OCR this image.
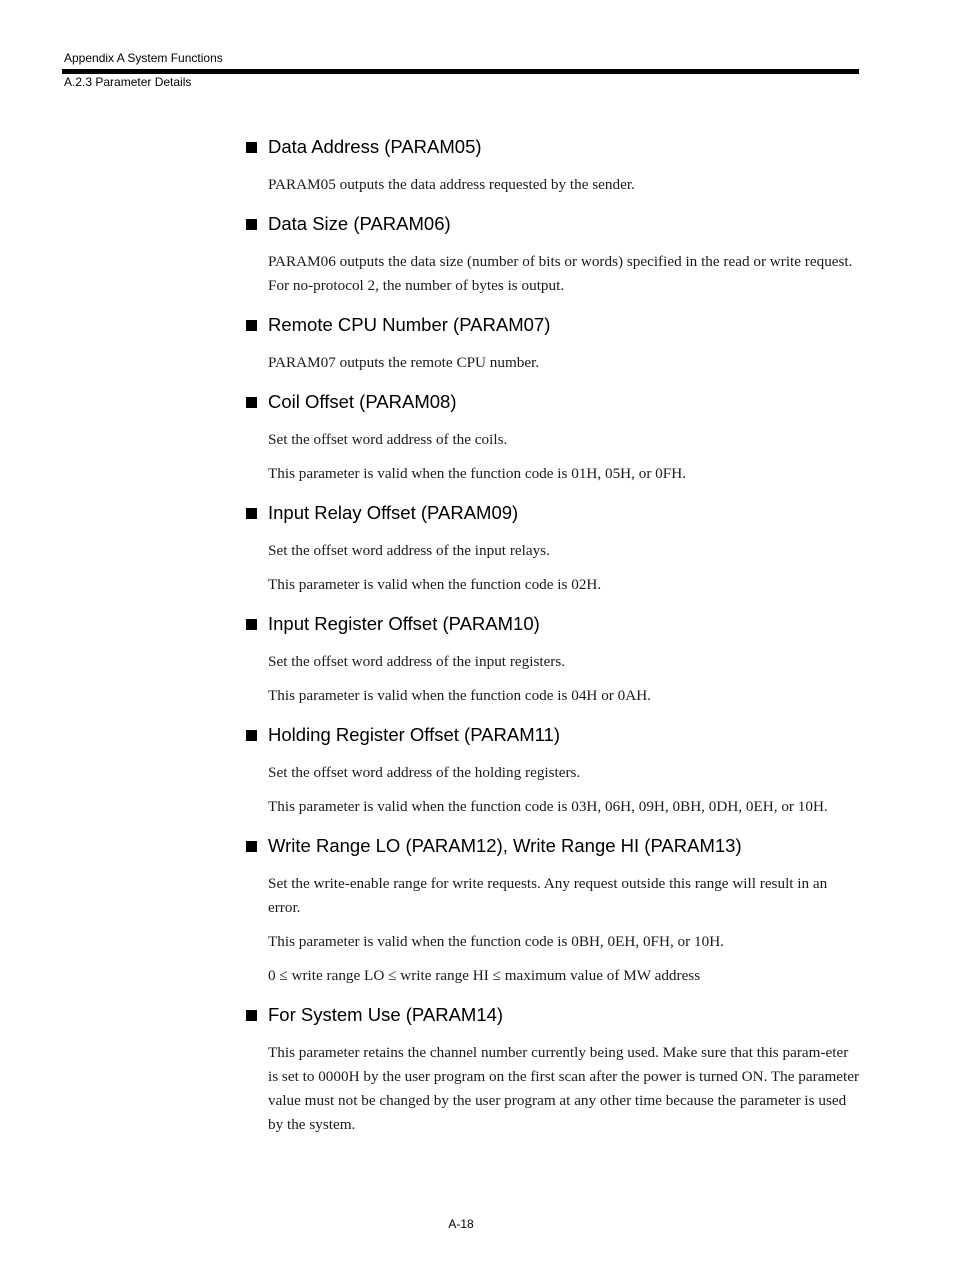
Appendix A System Functions
A.2.3 Parameter Details
Data Address (PARAM05)

PARAM05 outputs the data address requested by the sender.

Data Size (PARAM06)

PARAM06 outputs the data size (number of bits or words) specified in the read or write request. For no-protocol 2, the number of bytes is output.

Remote CPU Number (PARAM07)

PARAM07 outputs the remote CPU number.

Coil Offset (PARAM08)

Set the offset word address of the coils.

This parameter is valid when the function code is 01H, 05H, or 0FH.

Input Relay Offset (PARAM09)

Set the offset word address of the input relays.

This parameter is valid when the function code is 02H.

Input Register Offset (PARAM10)

Set the offset word address of the input registers.

This parameter is valid when the function code is 04H or 0AH.

Holding Register Offset (PARAM11)

Set the offset word address of the holding registers.

This parameter is valid when the function code is 03H, 06H, 09H, 0BH, 0DH, 0EH, or 10H.

Write Range LO (PARAM12), Write Range HI (PARAM13)

Set the write-enable range for write requests. Any request outside this range will result in an error.

This parameter is valid when the function code is 0BH, 0EH, 0FH, or 10H.

0 ≤ write range LO ≤ write range HI ≤ maximum value of MW address

For System Use (PARAM14)

This parameter retains the channel number currently being used. Make sure that this param-eter is set to 0000H by the user program on the first scan after the power is turned ON. The parameter value must not be changed by the user program at any other time because the parameter is used by the system.

A-18
